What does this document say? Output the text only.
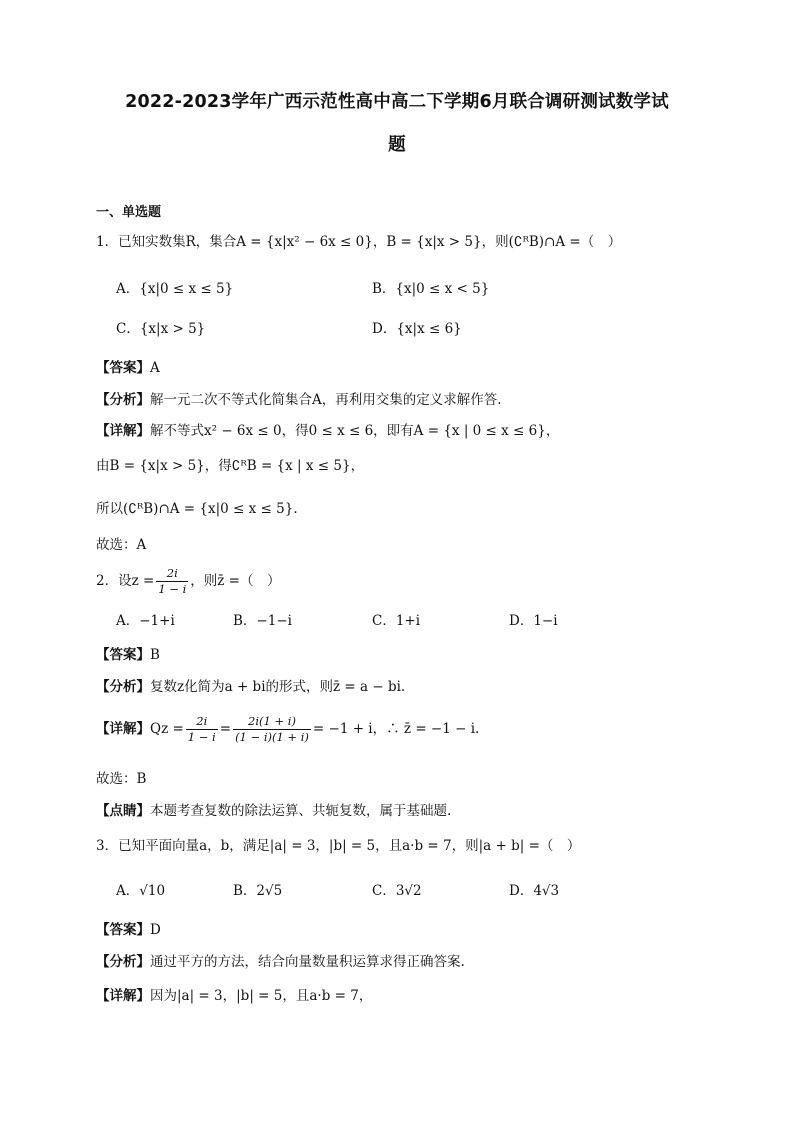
2022-2023学年广西示范性高中高二下学期6月联合调研测试数学试
题
一、单选题
1．已知实数集R，集合A = {x|x² − 6x ≤ 0}，B = {x|x > 5}，则(∁ᴿB)∩A =（　）
A．{x|0 ≤ x ≤ 5}	B．{x|0 ≤ x < 5}
C．{x|x > 5}	D．{x|x ≤ 6}
【答案】A
【分析】解一元二次不等式化简集合A，再利用交集的定义求解作答.
【详解】解不等式x² − 6x ≤ 0，得0 ≤ x ≤ 6，即有A = {x | 0 ≤ x ≤ 6}，
由B = {x|x > 5}，得∁ᴿB = {x | x ≤ 5}，
所以(∁ᴿB)∩A = {x|0 ≤ x ≤ 5}.
故选：A
2．设$z = \frac{2i}{1 - i}$ ，则z̄ =（　）
A．−1+i	B．−1−i	C．1+i	D．1−i
【答案】B
【分析】复数z化简为a + bi的形式，则z̄ = a − bi.
【详解】$Qz = \frac{2i}{1 - i} = \frac{2i(1 + i)}{(1 - i)(1 + i)} = -1 + i$，∴ z̄ = −1 − i.
故选：B
【点睛】本题考查复数的除法运算、共轭复数，属于基础题.
3．已知平面向量a，b，满足|a| = 3，|b| = 5，且a·b = 7，则|a + b| =（　）
A．√10	B．2√5	C．3√2	D．4√3
【答案】D
【分析】通过平方的方法，结合向量数量积运算求得正确答案.
【详解】因为|a| = 3，|b| = 5，且a·b = 7，
